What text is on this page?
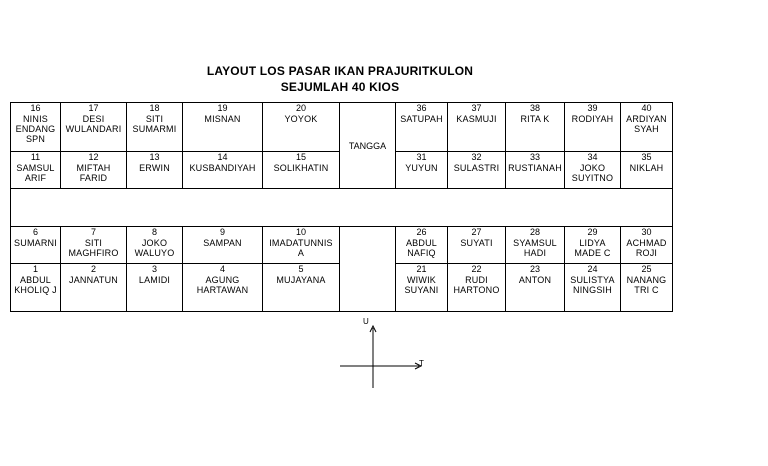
LAYOUT LOS PASAR IKAN PRAJURITKULON
SEJUMLAH 40 KIOS
16
NINIS
ENDANG
SPN	17
DESI
WULANDARI	18
SITI
SUMARMI	19
MISNAN	20
YOYOK	TANGGA	36
SATUPAH	37
KASMUJI	38
RITA K	39
RODIYAH	40
ARDIYAN
SYAH

11
SAMSUL
ARIF	12
MIFTAH
FARID	13
ERWIN	14
KUSBANDIYAH	15
SOLIKHATIN		31
YUYUN	32
SULASTRI	33
RUSTIANAH	34
JOKO
SUYITNO	35
NIKLAH

6
SUMARNI	7
SITI
MAGHFIRO	8
JOKO
WALUYO	9
SAMPAN	10
IMADATUNNIS
A		26
ABDUL
NAFIQ	27
SUYATI	28
SYAMSUL
HADI	29
LIDYA
MADE C	30
ACHMAD
ROJI

1
ABDUL
KHOLIQ J	2
JANNATUN	3
LAMIDI	4
AGUNG
HARTAWAN	5
MUJAYANA		21
WIWIK
SUYANI	22
RUDI
HARTONO	23
ANTON	24
SULISTYA
NINGSIH	25
NANANG
TRI C
U
T
